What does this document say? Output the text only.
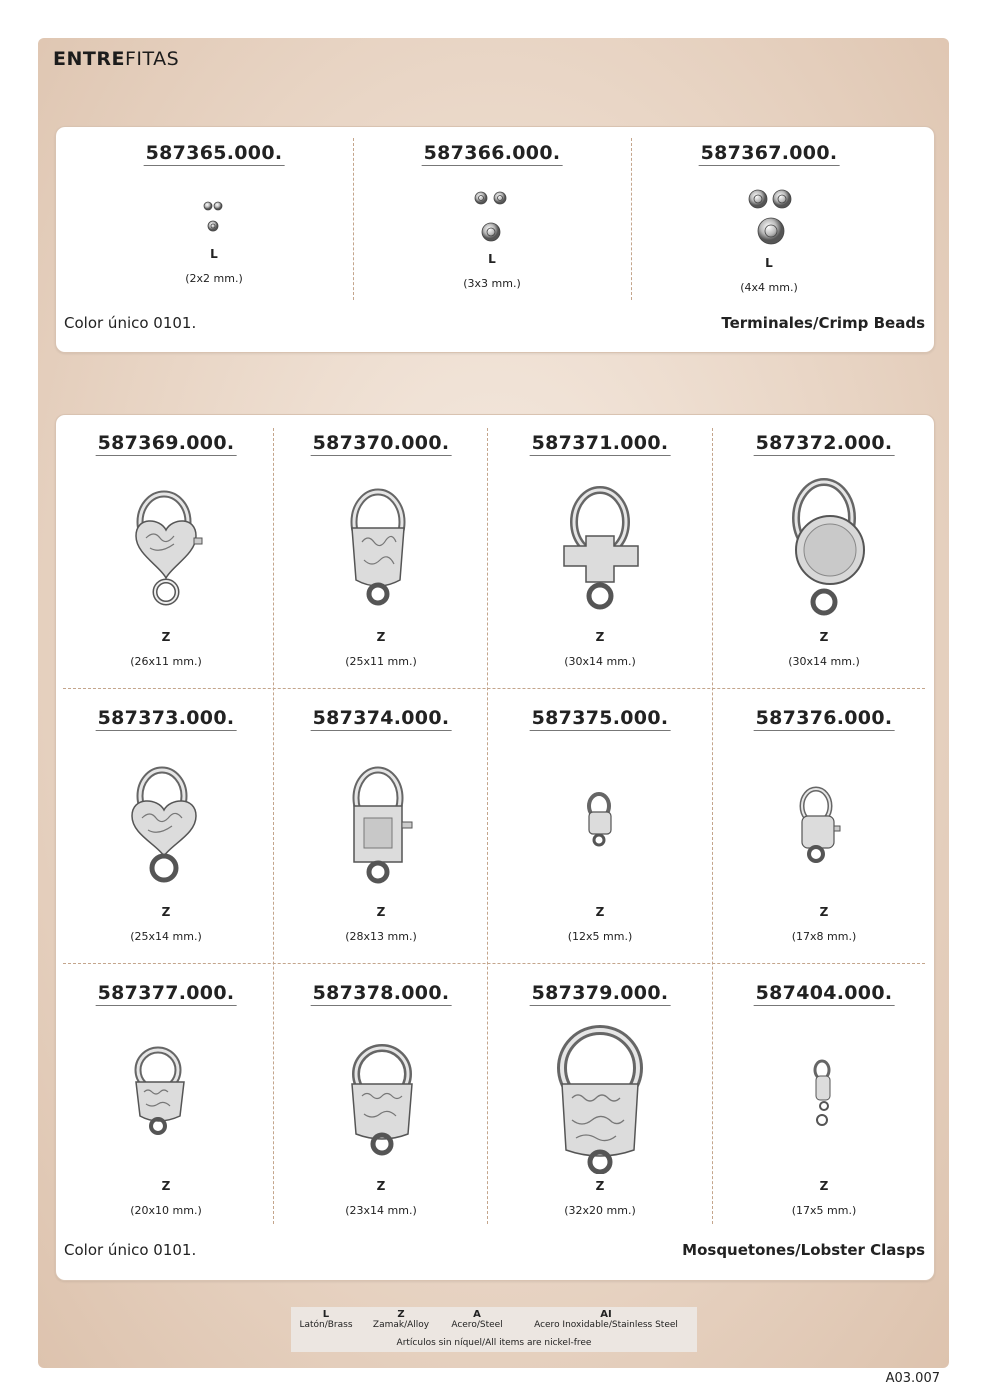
ENTREFITAS
587365.000.	587366.000.	587367.000.
L	L	L
(2x2 mm.)	(3x3 mm.)	(4x4 mm.)
Color único 0101.	Terminales/Crimp Beads
587369.000.	587370.000.	587371.000.	587372.000.
Z	Z	Z	Z
(26x11 mm.)	(25x11 mm.)	(30x14 mm.)	(30x14 mm.)
587373.000.	587374.000.	587375.000.	587376.000.
Z	Z	Z	Z
(25x14 mm.)	(28x13 mm.)	(12x5 mm.)	(17x8 mm.)
587377.000.	587378.000.	587379.000.	587404.000.
Z	Z	Z	Z
(20x10 mm.)	(23x14 mm.)	(32x20 mm.)	(17x5 mm.)
Color único 0101.	Mosquetones/Lobster Clasps
L
Latón/Brass
Z
Zamak/Alloy
A
Acero/Steel
AI
Acero Inoxidable/Stainless Steel
Artículos sin níquel/All items are nickel-free
A03.007
